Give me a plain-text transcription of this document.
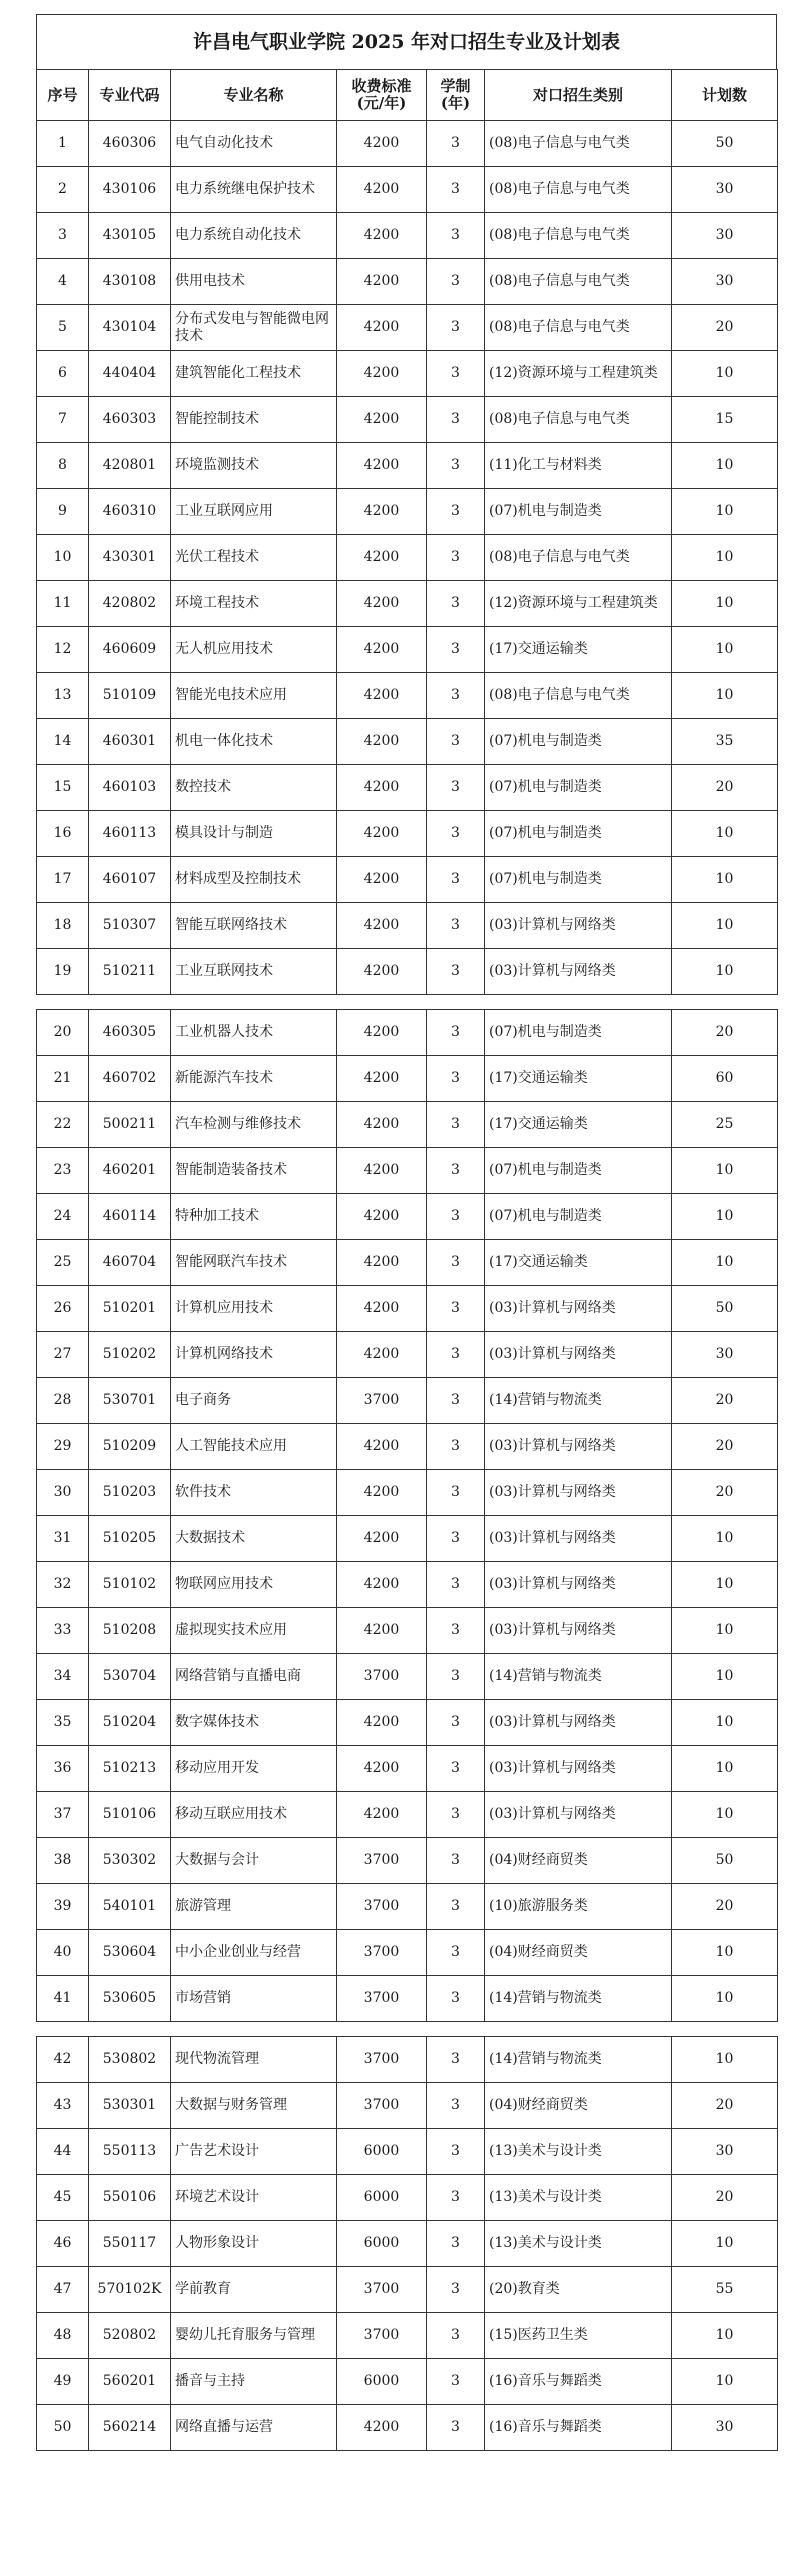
许昌电气职业学院 2025 年对口招生专业及计划表
序号	专业代码	专业名称	收费标准(元/年)	学制(年)	对口招生类别	计划数
1	460306	电气自动化技术	4200	3	(08)电子信息与电气类	50
2	430106	电力系统继电保护技术	4200	3	(08)电子信息与电气类	30
3	430105	电力系统自动化技术	4200	3	(08)电子信息与电气类	30
4	430108	供用电技术	4200	3	(08)电子信息与电气类	30
5	430104	分布式发电与智能微电网技术	4200	3	(08)电子信息与电气类	20
6	440404	建筑智能化工程技术	4200	3	(12)资源环境与工程建筑类	10
7	460303	智能控制技术	4200	3	(08)电子信息与电气类	15
8	420801	环境监测技术	4200	3	(11)化工与材料类	10
9	460310	工业互联网应用	4200	3	(07)机电与制造类	10
10	430301	光伏工程技术	4200	3	(08)电子信息与电气类	10
11	420802	环境工程技术	4200	3	(12)资源环境与工程建筑类	10
12	460609	无人机应用技术	4200	3	(17)交通运输类	10
13	510109	智能光电技术应用	4200	3	(08)电子信息与电气类	10
14	460301	机电一体化技术	4200	3	(07)机电与制造类	35
15	460103	数控技术	4200	3	(07)机电与制造类	20
16	460113	模具设计与制造	4200	3	(07)机电与制造类	10
17	460107	材料成型及控制技术	4200	3	(07)机电与制造类	10
18	510307	智能互联网络技术	4200	3	(03)计算机与网络类	10
19	510211	工业互联网技术	4200	3	(03)计算机与网络类	10
20	460305	工业机器人技术	4200	3	(07)机电与制造类	20
21	460702	新能源汽车技术	4200	3	(17)交通运输类	60
22	500211	汽车检测与维修技术	4200	3	(17)交通运输类	25
23	460201	智能制造装备技术	4200	3	(07)机电与制造类	10
24	460114	特种加工技术	4200	3	(07)机电与制造类	10
25	460704	智能网联汽车技术	4200	3	(17)交通运输类	10
26	510201	计算机应用技术	4200	3	(03)计算机与网络类	50
27	510202	计算机网络技术	4200	3	(03)计算机与网络类	30
28	530701	电子商务	3700	3	(14)营销与物流类	20
29	510209	人工智能技术应用	4200	3	(03)计算机与网络类	20
30	510203	软件技术	4200	3	(03)计算机与网络类	20
31	510205	大数据技术	4200	3	(03)计算机与网络类	10
32	510102	物联网应用技术	4200	3	(03)计算机与网络类	10
33	510208	虚拟现实技术应用	4200	3	(03)计算机与网络类	10
34	530704	网络营销与直播电商	3700	3	(14)营销与物流类	10
35	510204	数字媒体技术	4200	3	(03)计算机与网络类	10
36	510213	移动应用开发	4200	3	(03)计算机与网络类	10
37	510106	移动互联应用技术	4200	3	(03)计算机与网络类	10
38	530302	大数据与会计	3700	3	(04)财经商贸类	50
39	540101	旅游管理	3700	3	(10)旅游服务类	20
40	530604	中小企业创业与经营	3700	3	(04)财经商贸类	10
41	530605	市场营销	3700	3	(14)营销与物流类	10
42	530802	现代物流管理	3700	3	(14)营销与物流类	10
43	530301	大数据与财务管理	3700	3	(04)财经商贸类	20
44	550113	广告艺术设计	6000	3	(13)美术与设计类	30
45	550106	环境艺术设计	6000	3	(13)美术与设计类	20
46	550117	人物形象设计	6000	3	(13)美术与设计类	10
47	570102K	学前教育	3700	3	(20)教育类	55
48	520802	婴幼儿托育服务与管理	3700	3	(15)医药卫生类	10
49	560201	播音与主持	6000	3	(16)音乐与舞蹈类	10
50	560214	网络直播与运营	4200	3	(16)音乐与舞蹈类	30
